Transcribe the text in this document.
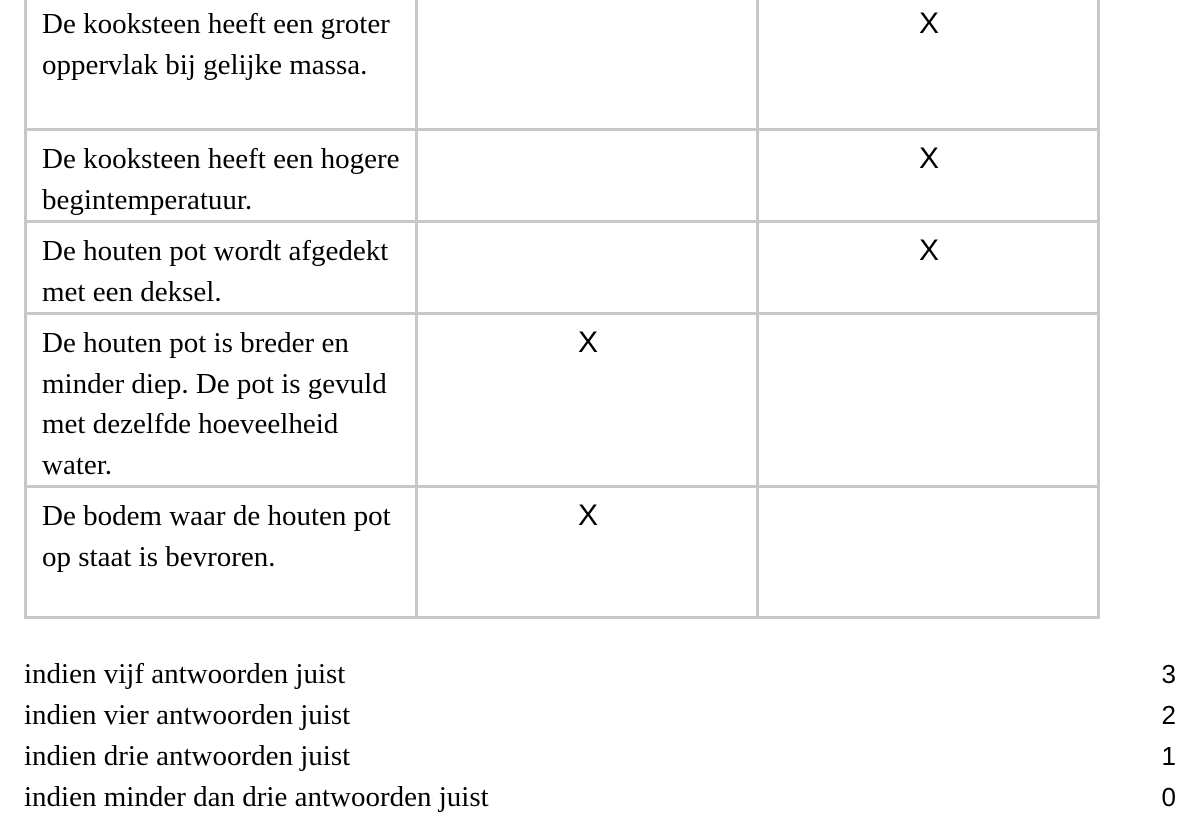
De kooksteen heeft een groter oppervlak bij gelijke massa.		X
De kooksteen heeft een hogere begintemperatuur.		X
De houten pot wordt afgedekt met een deksel.		X
De houten pot is breder en minder diep. De pot is gevuld met dezelfde hoeveelheid water.	X	
De bodem waar de houten pot op staat is bevroren.	X	
indien vijf antwoorden juist	3
indien vier antwoorden juist	2
indien drie antwoorden juist	1
indien minder dan drie antwoorden juist	0
